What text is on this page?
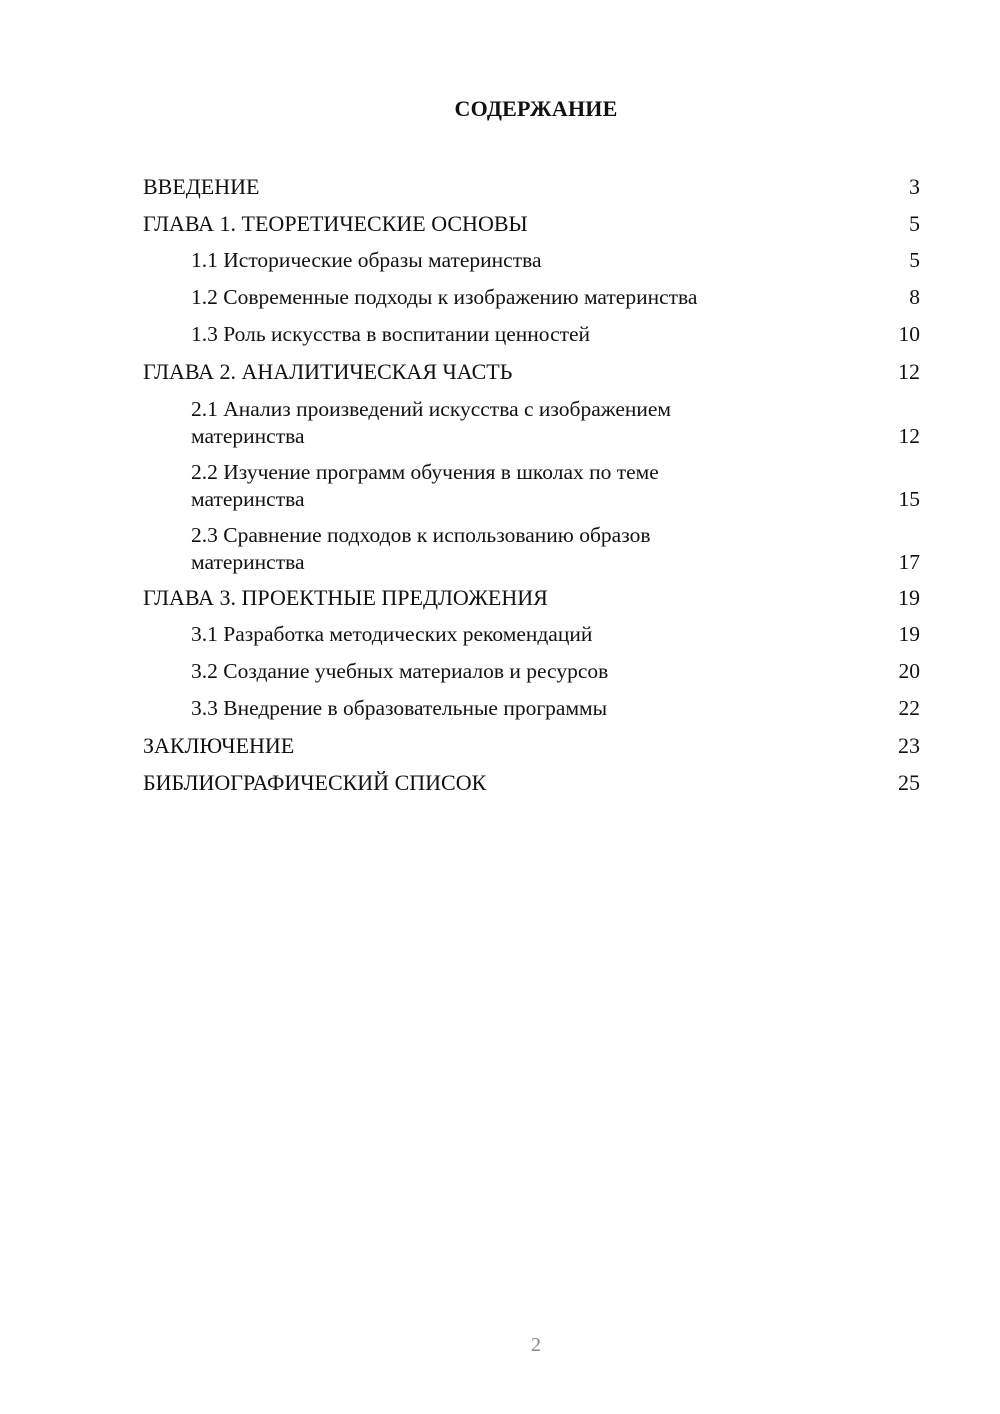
СОДЕРЖАНИЕ
ВВЕДЕНИЕ	3
ГЛАВА 1. ТЕОРЕТИЧЕСКИЕ ОСНОВЫ	5
1.1 Исторические образы материнства	5
1.2 Современные подходы к изображению материнства	8
1.3 Роль искусства в воспитании ценностей	10
ГЛАВА 2. АНАЛИТИЧЕСКАЯ ЧАСТЬ	12
2.1 Анализ произведений искусства с изображением материнства	12
2.2 Изучение программ обучения в школах по теме материнства	15
2.3 Сравнение подходов к использованию образов материнства	17
ГЛАВА 3. ПРОЕКТНЫЕ ПРЕДЛОЖЕНИЯ	19
3.1 Разработка методических рекомендаций	19
3.2 Создание учебных материалов и ресурсов	20
3.3 Внедрение в образовательные программы	22
ЗАКЛЮЧЕНИЕ	23
БИБЛИОГРАФИЧЕСКИЙ СПИСОК	25
2
